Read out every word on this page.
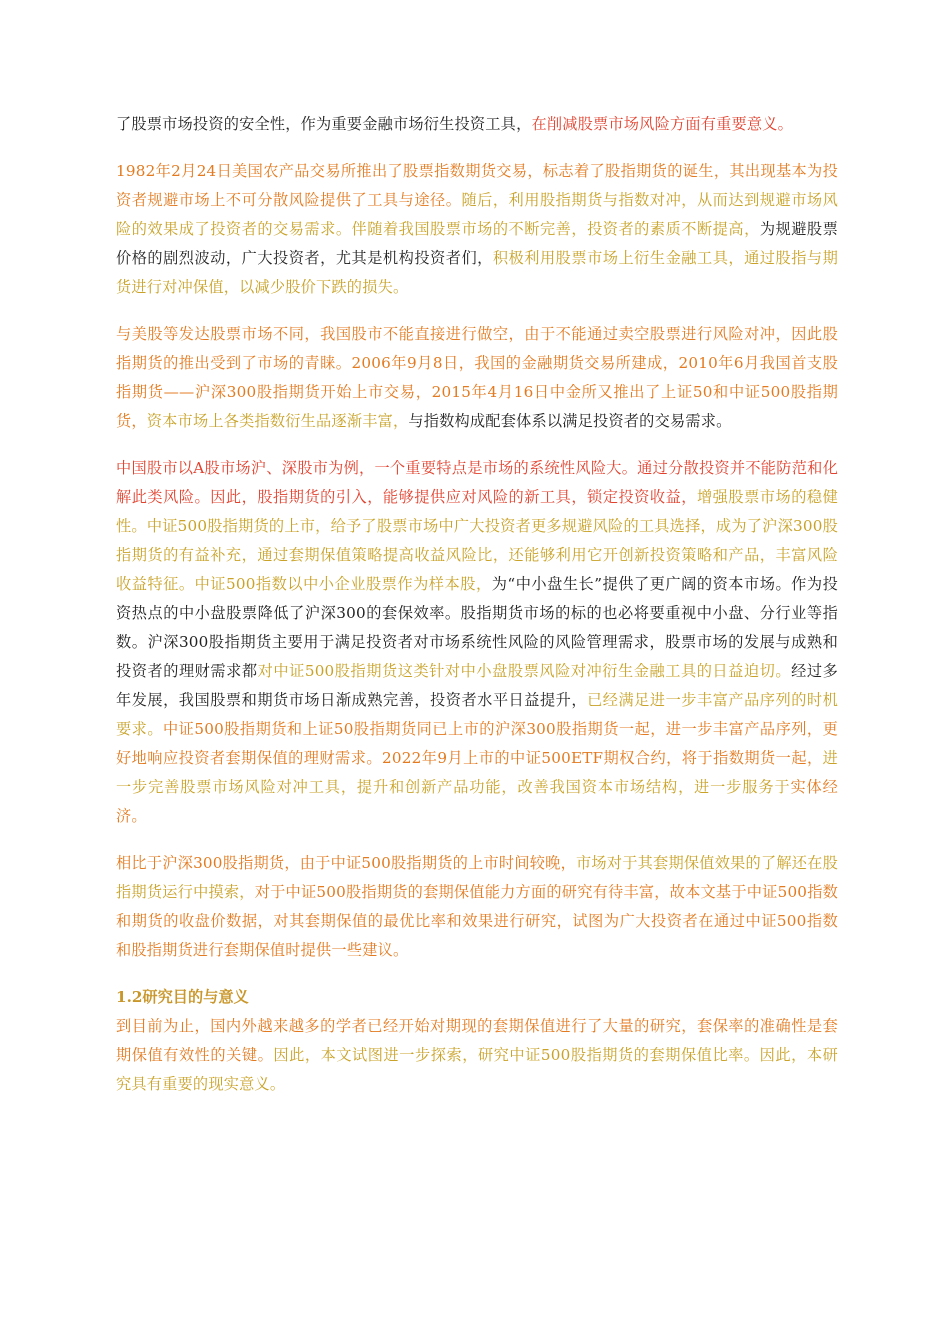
了股票市场投资的安全性，作为重要金融市场衍生投资工具，在削减股票市场风险方面有重要意义。

1982年2月24日美国农产品交易所推出了股票指数期货交易，标志着了股指期货的诞生，其出现基本为投资者规避市场上不可分散风险提供了工具与途径。随后，利用股指期货与指数对冲，从而达到规避市场风险的效果成了投资者的交易需求。伴随着我国股票市场的不断完善，投资者的素质不断提高，为规避股票价格的剧烈波动，广大投资者，尤其是机构投资者们，积极利用股票市场上衍生金融工具，通过股指与期货进行对冲保值，以减少股价下跌的损失。

与美股等发达股票市场不同，我国股市不能直接进行做空，由于不能通过卖空股票进行风险对冲，因此股指期货的推出受到了市场的青睐。2006年9月8日，我国的金融期货交易所建成，2010年6月我国首支股指期货——沪深300股指期货开始上市交易，2015年4月16日中金所又推出了上证50和中证500股指期货，资本市场上各类指数衍生品逐渐丰富，与指数构成配套体系以满足投资者的交易需求。

中国股市以A股市场沪、深股市为例，一个重要特点是市场的系统性风险大。通过分散投资并不能防范和化解此类风险。因此，股指期货的引入，能够提供应对风险的新工具，锁定投资收益，增强股票市场的稳健性。中证500股指期货的上市，给予了股票市场中广大投资者更多规避风险的工具选择，成为了沪深300股指期货的有益补充，通过套期保值策略提高收益风险比，还能够利用它开创新投资策略和产品，丰富风险收益特征。中证500指数以中小企业股票作为样本股，为“中小盘生长”提供了更广阔的资本市场。作为投资热点的中小盘股票降低了沪深300的套保效率。股指期货市场的标的也必将要重视中小盘、分行业等指数。沪深300股指期货主要用于满足投资者对市场系统性风险的风险管理需求，股票市场的发展与成熟和投资者的理财需求都对中证500股指期货这类针对中小盘股票风险对冲衍生金融工具的日益迫切。经过多年发展，我国股票和期货市场日渐成熟完善，投资者水平日益提升，已经满足进一步丰富产品序列的时机要求。中证500股指期货和上证50股指期货同已上市的沪深300股指期货一起，进一步丰富产品序列，更好地响应投资者套期保值的理财需求。2022年9月上市的中证500ETF期权合约，将于指数期货一起，进一步完善股票市场风险对冲工具，提升和创新产品功能，改善我国资本市场结构，进一步服务于实体经济。

相比于沪深300股指期货，由于中证500股指期货的上市时间较晚，市场对于其套期保值效果的了解还在股指期货运行中摸索，对于中证500股指期货的套期保值能力方面的研究有待丰富，故本文基于中证500指数和期货的收盘价数据，对其套期保值的最优比率和效果进行研究，试图为广大投资者在通过中证500指数和股指期货进行套期保值时提供一些建议。

1.2研究目的与意义

到目前为止，国内外越来越多的学者已经开始对期现的套期保值进行了大量的研究，套保率的准确性是套期保值有效性的关键。因此，本文试图进一步探索，研究中证500股指期货的套期保值比率。因此，本研究具有重要的现实意义。
